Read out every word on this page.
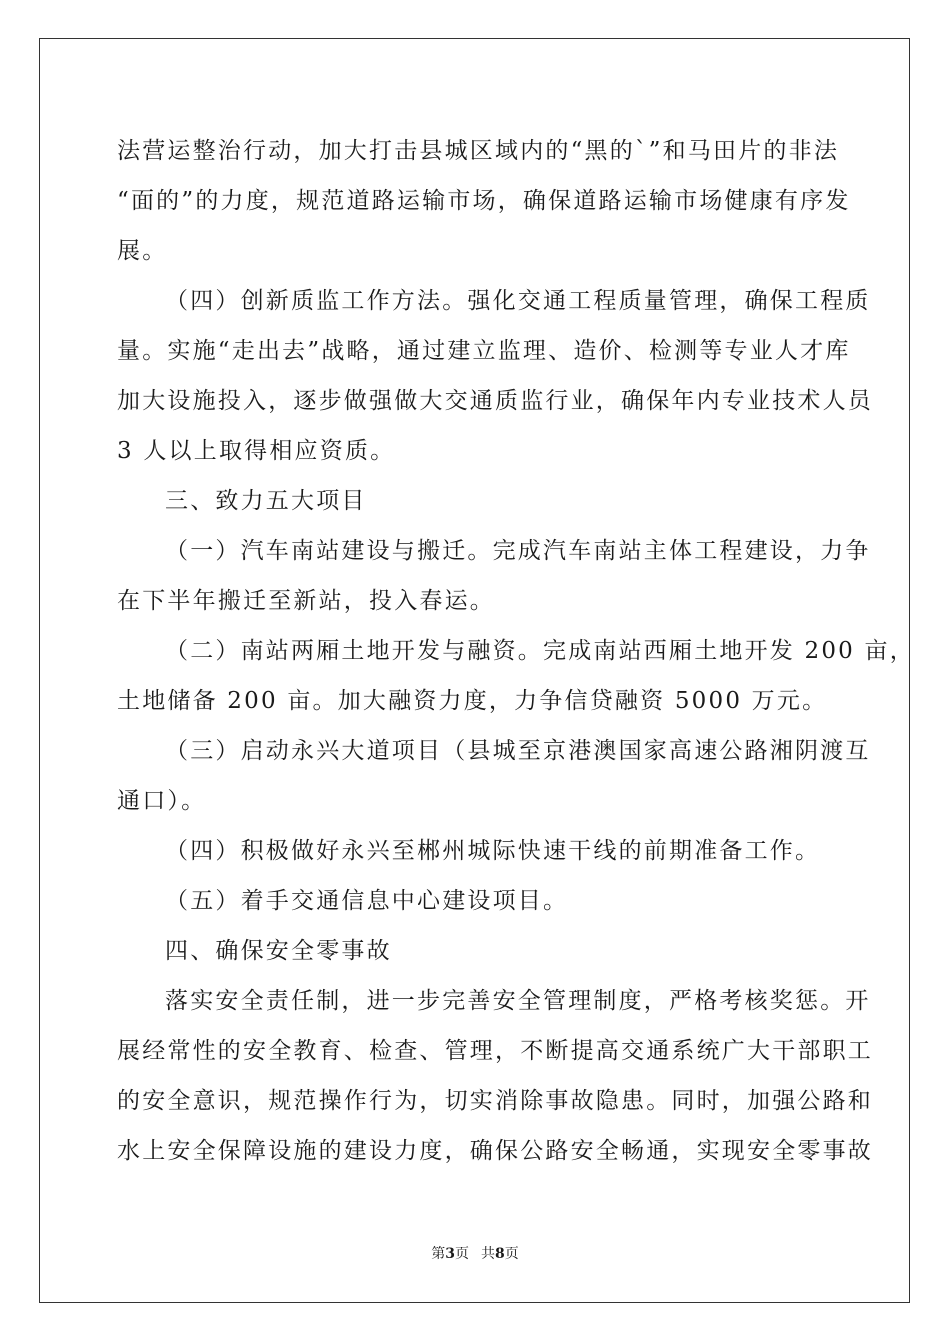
法营运整治行动，加大打击县城区域内的“黑的`”和马田片的非法
“面的”的力度，规范道路运输市场，确保道路运输市场健康有序发
展。
（四）创新质监工作方法。强化交通工程质量管理，确保工程质
量。实施“走出去”战略，通过建立监理、造价、检测等专业人才库
加大设施投入，逐步做强做大交通质监行业，确保年内专业技术人员
3 人以上取得相应资质。
三、致力五大项目
（一）汽车南站建设与搬迁。完成汽车南站主体工程建设，力争
在下半年搬迁至新站，投入春运。
（二）南站两厢土地开发与融资。完成南站西厢土地开发 200 亩，
土地储备 200 亩。加大融资力度，力争信贷融资 5000 万元。
（三）启动永兴大道项目（县城至京港澳国家高速公路湘阴渡互
通口）。
（四）积极做好永兴至郴州城际快速干线的前期准备工作。
（五）着手交通信息中心建设项目。
四、确保安全零事故
落实安全责任制，进一步完善安全管理制度，严格考核奖惩。开
展经常性的安全教育、检查、管理，不断提高交通系统广大干部职工
的安全意识，规范操作行为，切实消除事故隐患。同时，加强公路和
水上安全保障设施的建设力度，确保公路安全畅通，实现安全零事故
第3页 共8页
